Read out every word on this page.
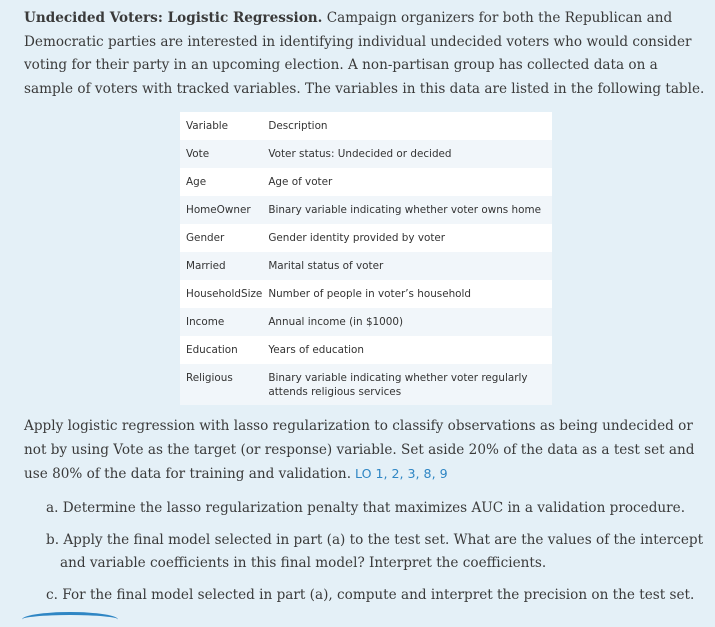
Undecided Voters: Logistic Regression. Campaign organizers for both the Republican and Democratic parties are interested in identifying individual undecided voters who would consider voting for their party in an upcoming election. A non-partisan group has collected data on a sample of voters with tracked variables. The variables in this data are listed in the following table.

Variable	Description
Vote	Voter status: Undecided or decided
Age	Age of voter
HomeOwner	Binary variable indicating whether voter owns home
Gender	Gender identity provided by voter
Married	Marital status of voter
HouseholdSize	Number of people in voter’s household
Income	Annual income (in $1000)
Education	Years of education
Religious	Binary variable indicating whether voter regularly attends religious services

Apply logistic regression with lasso regularization to classify observations as being undecided or not by using Vote as the target (or response) variable. Set aside 20% of the data as a test set and use 80% of the data for training and validation. LO 1, 2, 3, 8, 9

a. Determine the lasso regularization penalty that maximizes AUC in a validation procedure.
b. Apply the final model selected in part (a) to the test set. What are the values of the intercept and variable coefficients in this final model? Interpret the coefficients.
c. For the final model selected in part (a), compute and interpret the precision on the test set.
